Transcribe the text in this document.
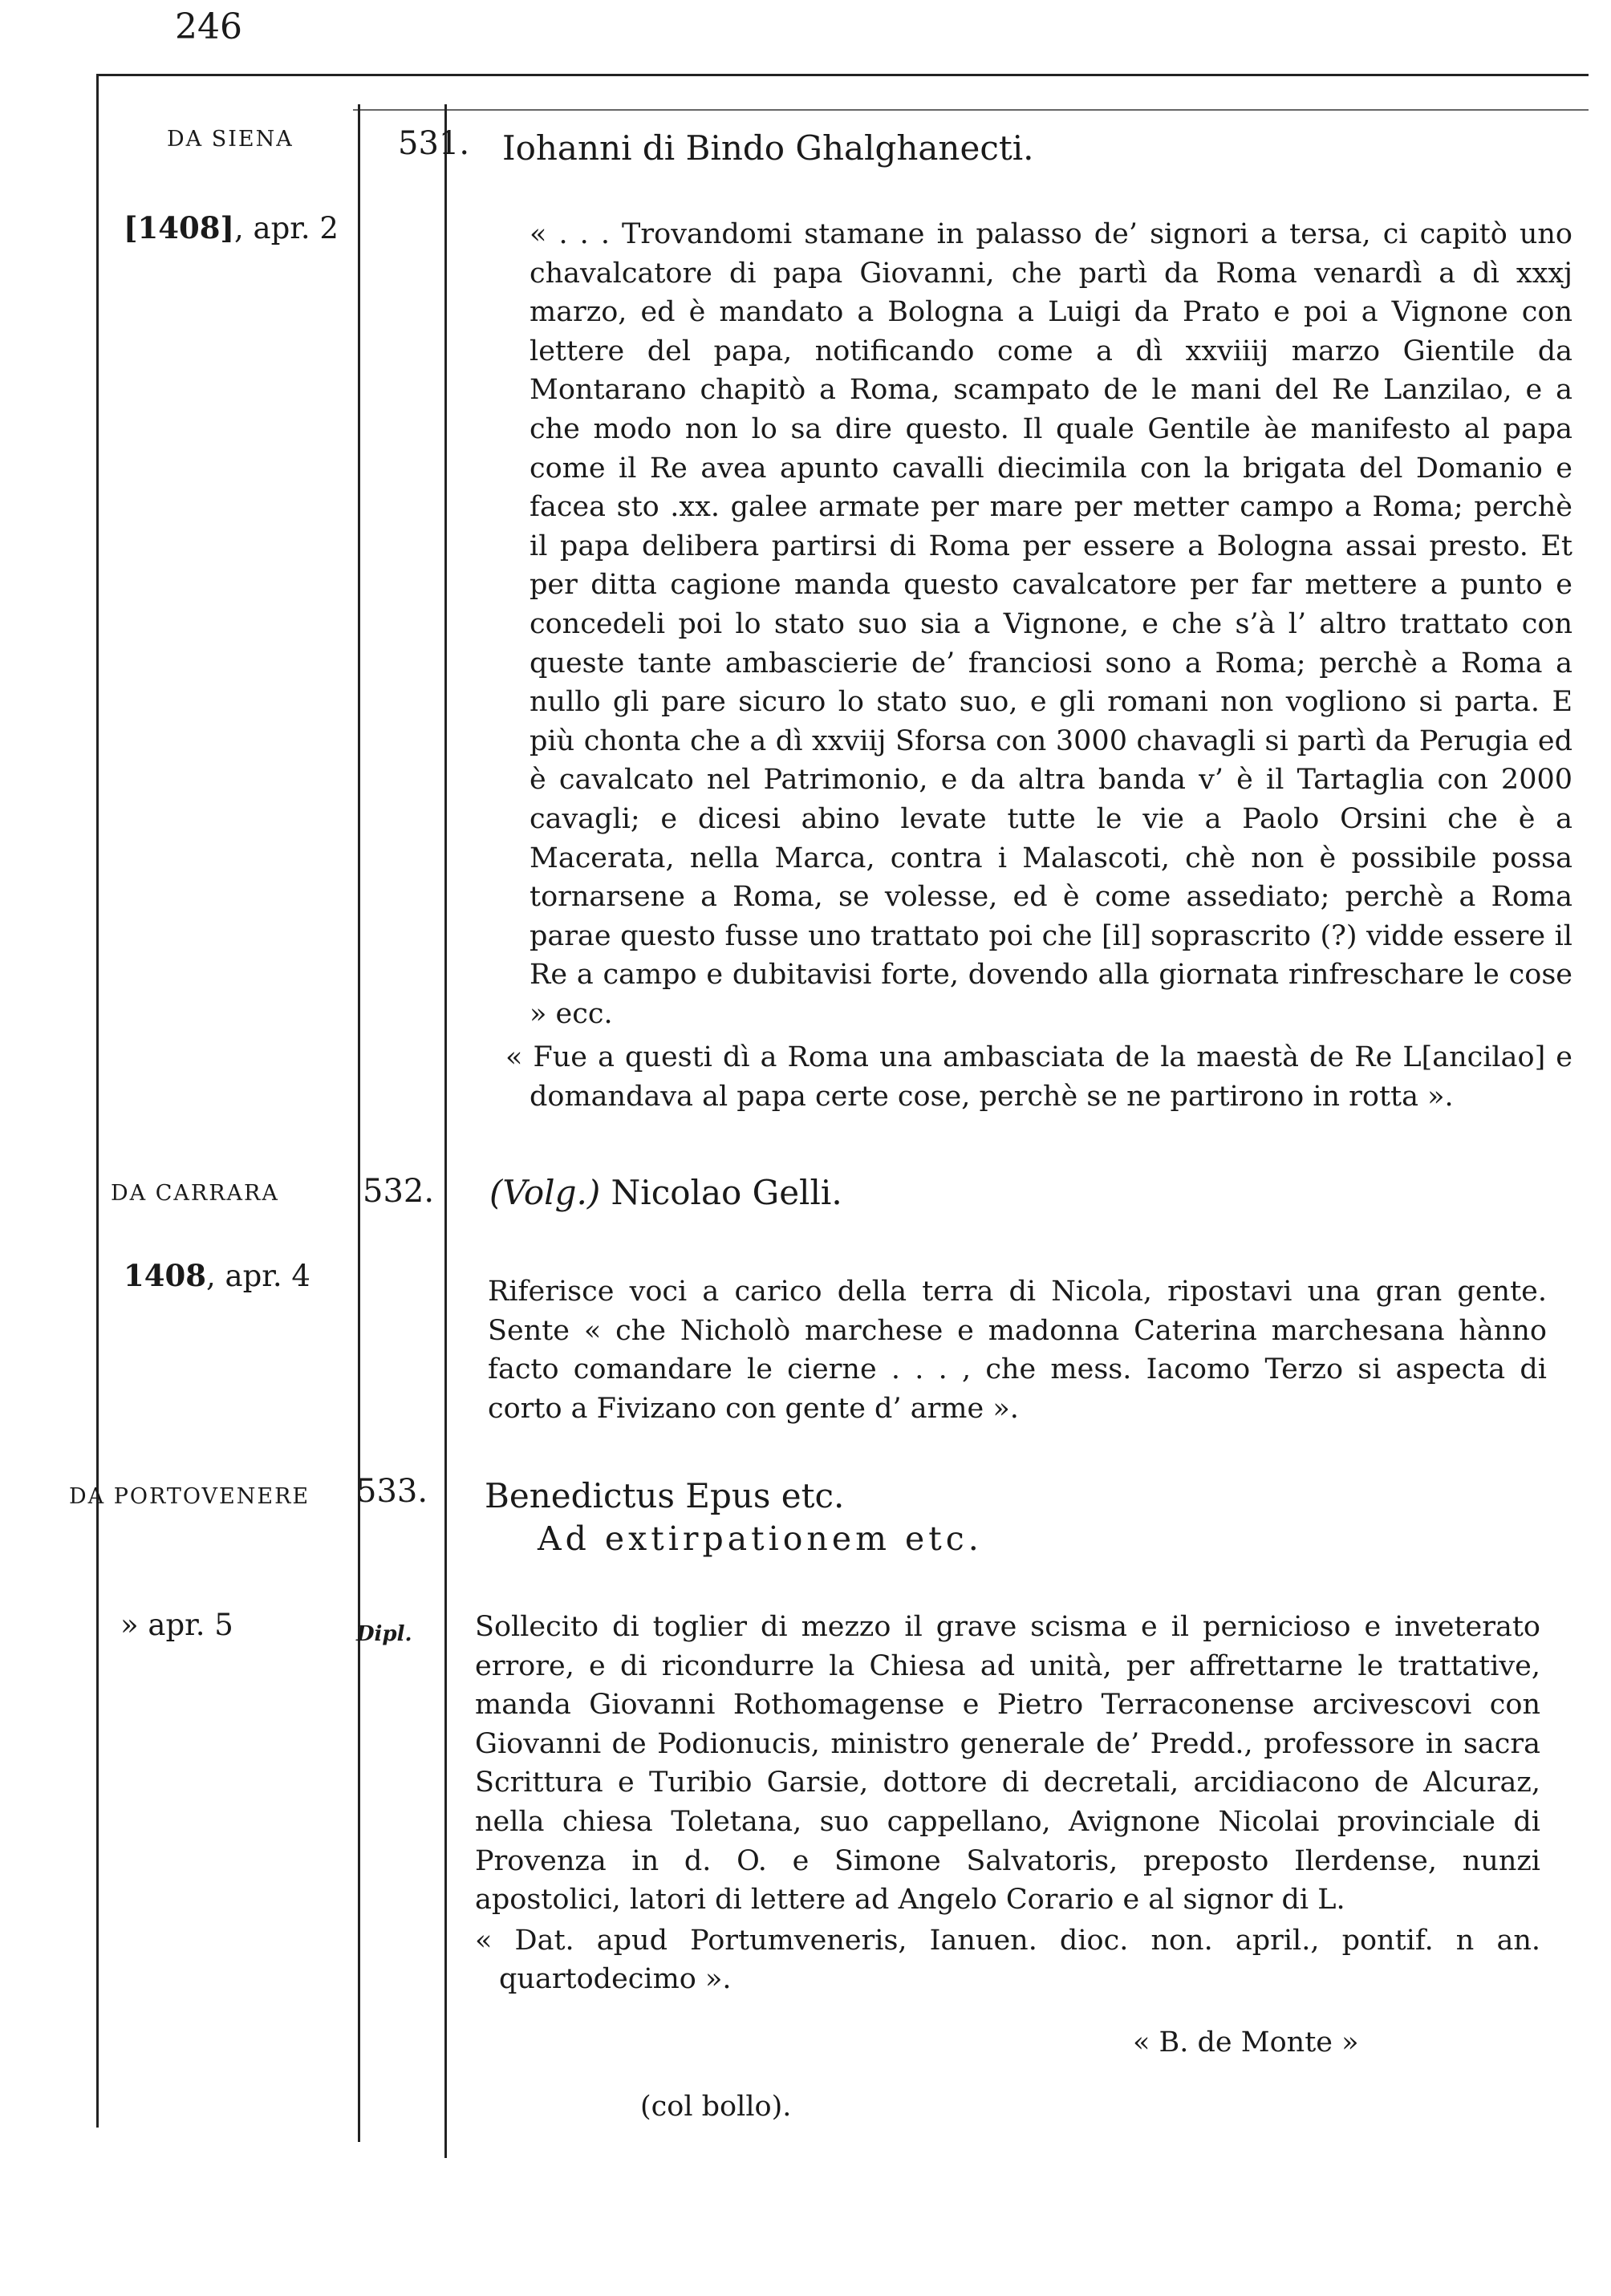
246
DA SIENA
[1408], apr. 2
531. Iohanni di Bindo Ghalghanecti.

« . . . Trovandomi stamane in palasso de’ signori a tersa, ci capitò uno chavalcatore di papa Giovanni, che partì da Roma venardì a dì xxxj marzo, ed è mandato a Bologna a Luigi da Prato e poi a Vignone con lettere del papa, notificando come a dì xxviiij marzo Gientile da Montarano chapitò a Roma, scampato de le mani del Re Lanzilao, e a che modo non lo sa dire questo. Il quale Gentile àe manifesto al papa come il Re avea apunto cavalli diecimila con la brigata del Domanio e facea sto .xx. galee armate per mare per metter campo a Roma; perchè il papa delibera partirsi di Roma per essere a Bologna assai presto. Et per ditta cagione manda questo cavalcatore per far mettere a punto e concedeli poi lo stato suo sia a Vignone, e che s’à l’ altro trattato con queste tante ambascierie de’ franciosi sono a Roma; perchè a Roma a nullo gli pare sicuro lo stato suo, e gli romani non vogliono si parta. E più chonta che a dì xxviij Sforsa con 3000 chavagli si partì da Perugia ed è cavalcato nel Patrimonio, e da altra banda v’ è il Tartaglia con 2000 cavagli; e dicesi abino levate tutte le vie a Paolo Orsini che è a Macerata, nella Marca, contra i Malascoti, chè non è possibile possa tornarsene a Roma, se volesse, ed è come assediato; perchè a Roma parae questo fusse uno trattato poi che [il] soprascrito (?) vidde essere il Re a campo e dubitavisi forte, dovendo alla giornata rinfreschare le cose » ecc.

« Fue a questi dì a Roma una ambasciata de la maestà de Re L[ancilao] e domandava al papa certe cose, perchè se ne partirono in rotta ».

DA CARRARA
1408, apr. 4
532. (Volg.) Nicolao Gelli.

Riferisce voci a carico della terra di Nicola, ripostavi una gran gente. Sente « che Nicholò marchese e madonna Caterina marchesana hànno facto comandare le cierne . . . , che mess. Iacomo Terzo si aspecta di corto a Fivizano con gente d’ arme ».

DA PORTOVENERE
» apr. 5
533.
Dipl.
Benedictus Epus etc.
Ad extirpationem etc.

Sollecito di toglier di mezzo il grave scisma e il pernicioso e inveterato errore, e di ricondurre la Chiesa ad unità, per affrettarne le trattative, manda Giovanni Rothomagense e Pietro Terraconense arcivescovi con Giovanni de Podionucis, ministro generale de’ Predd., professore in sacra Scrittura e Turibio Garsie, dottore di decretali, arcidiacono de Alcuraz, nella chiesa Toletana, suo cappellano, Avignone Nicolai provinciale di Provenza in d. O. e Simone Salvatoris, preposto Ilerdense, nunzi apostolici, latori di lettere ad Angelo Corario e al signor di L.

« Dat. apud Portumveneris, Ianuen. dioc. non. april., pontif. n an. quartodecimo ».

« B. de Monte »
(col bollo).
